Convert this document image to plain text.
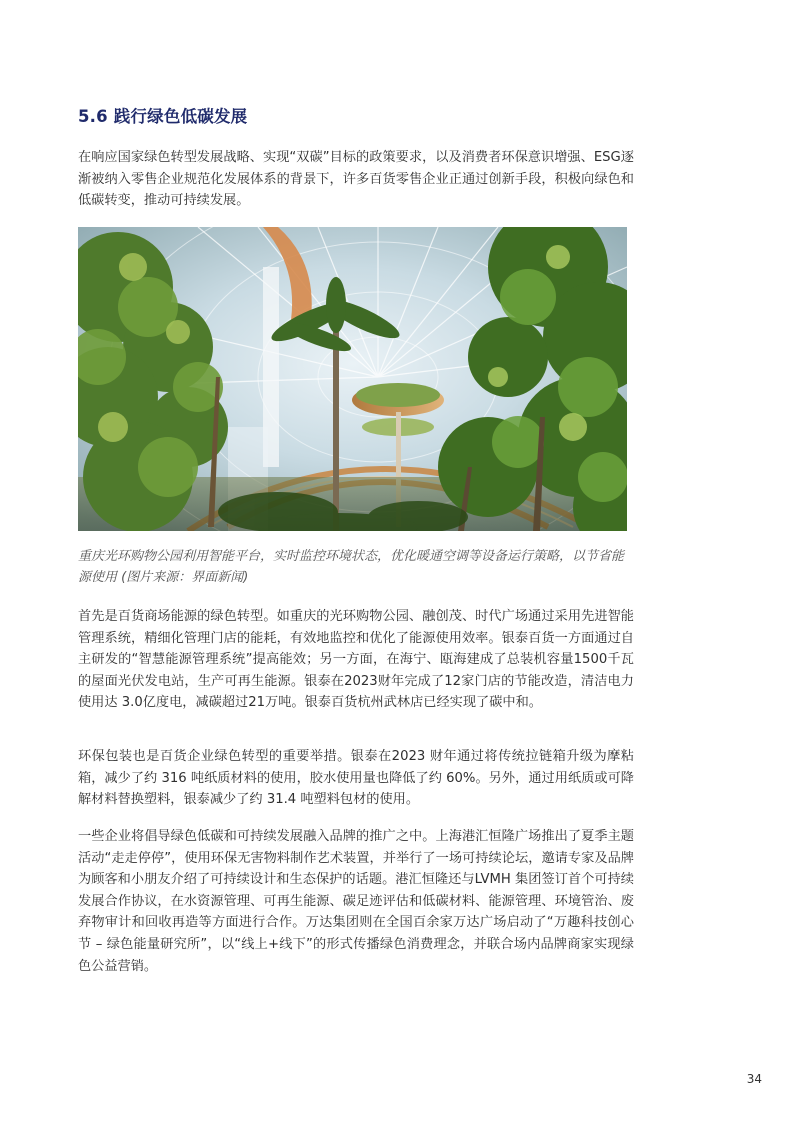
5.6 践行绿色低碳发展

在响应国家绿色转型发展战略、实现“双碳”目标的政策要求，以及消费者环保意识增强、ESG逐渐被纳入零售企业规范化发展体系的背景下，许多百货零售企业正通过创新手段，积极向绿色和低碳转变，推动可持续发展。

重庆光环购物公园利用智能平台，实时监控环境状态，优化暖通空调等设备运行策略，以节省能源使用 (图片来源：界面新闻)

首先是百货商场能源的绿色转型。如重庆的光环购物公园、融创茂、时代广场通过采用先进智能管理系统，精细化管理门店的能耗，有效地监控和优化了能源使用效率。银泰百货一方面通过自主研发的“智慧能源管理系统”提高能效；另一方面，在海宁、瓯海建成了总装机容量1500千瓦的屋面光伏发电站，生产可再生能源。银泰在2023财年完成了12家门店的节能改造，清洁电力使用达 3.0亿度电，减碳超过21万吨。银泰百货杭州武林店已经实现了碳中和。

环保包装也是百货企业绿色转型的重要举措。银泰在2023 财年通过将传统拉链箱升级为摩粘箱，减少了约 316 吨纸质材料的使用，胶水使用量也降低了约 60%。另外，通过用纸质或可降解材料替换塑料，银泰减少了约 31.4 吨塑料包材的使用。

一些企业将倡导绿色低碳和可持续发展融入品牌的推广之中。上海港汇恒隆广场推出了夏季主题活动“走走停停”，使用环保无害物料制作艺术装置，并举行了一场可持续论坛，邀请专家及品牌为顾客和小朋友介绍了可持续设计和生态保护的话题。港汇恒隆还与LVMH 集团签订首个可持续发展合作协议，在水资源管理、可再生能源、碳足迹评估和低碳材料、能源管理、环境管治、废弃物审计和回收再造等方面进行合作。万达集团则在全国百余家万达广场启动了“万趣科技创心节 – 绿色能量研究所”，以“线上+线下”的形式传播绿色消费理念，并联合场内品牌商家实现绿色公益营销。

34
